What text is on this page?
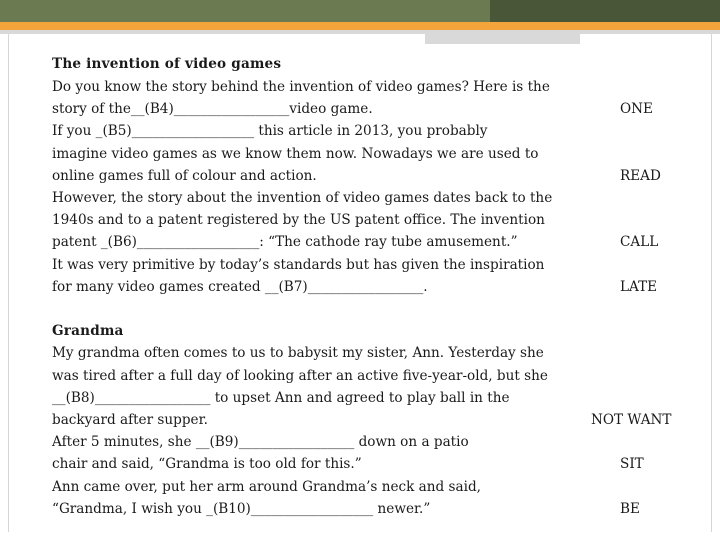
The invention of video games
Do you know the story behind the invention of video games? Here is the
story of the__(B4)_________________video game.
If you _(B5)__________________ this article in 2013, you probably
imagine video games as we know them now. Nowadays we are used to
online games full of colour and action.
However, the story about the invention of video games dates back to the
1940s and to a patent registered by the US patent office. The invention
patent _(B6)__________________: “The cathode ray tube amusement.”
It was very primitive by today’s standards but has given the inspiration
for many video games created __(B7)_________________.
ONE
READ
CALL
LATE
Grandma
My grandma often comes to us to babysit my sister, Ann. Yesterday she
was tired after a full day of looking after an active five-year-old, but she
__(B8)_________________ to upset Ann and agreed to play ball in the
backyard after supper.
After 5 minutes, she __(B9)_________________ down on a patio
chair and said, “Grandma is too old for this.”
Ann came over, put her arm around Grandma’s neck and said,
“Grandma, I wish you _(B10)__________________ newer.”
NOT WANT
SIT
BE
